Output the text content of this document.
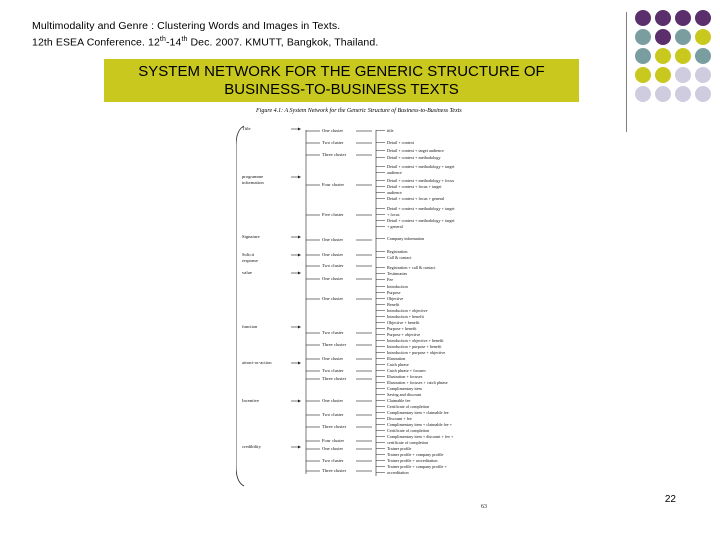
Multimodality and Genre : Clustering Words and Images in Texts.
12th ESEA Conference. 12th-14th Dec. 2007. KMUTT, Bangkok, Thailand.
SYSTEM NETWORK FOR THE GENERIC STRUCTURE OF
BUSINESS-TO-BUSINESS TEXTS
Figure 4.1: A System Network for the Generic Structure of Business-to-Business Texts
Title
programme
information
Signature
Solicit
response
value
function
attract-or-action
Incentive
credibility
One cluster
Two cluster
Three cluster
Four cluster
Five cluster
One cluster
One cluster
Two cluster
One cluster
One cluster
Two cluster
Three cluster
One cluster
Two cluster
Three cluster
One cluster
Two cluster
Three cluster
Four cluster
One cluster
Two cluster
Three cluster
title
Detail + context
Detail + context + target audience
Detail + context + methodology
Detail + context + methodology + target
audience
Detail + context + methodology + focus
Detail + context + focus + target
audience
Detail + context + focus + general
Detail + context + methodology + target
+ focus
Detail + context + methodology + target
+ general
Company information
Registration
Call & contact
Registration + call & contact
Testimonies
Fee
Introduction
Purpose
Objective
Benefit
Introduction + objective
Introduction + benefit
Objective + benefit
Purpose + benefit
Purpose + objective
Introduction + objective + benefit
Introduction + purpose + benefit
Introduction + purpose + objective
Illustration
Catch phrase
Catch phrase + focuses
Illustration + focuses
Illustration + focuses + catch phrase
Complimentary item
Saving and discount
Claimable fee
Certificate of completion
Complimentary item + claimable fee
Discount + fee
Complimentary item + claimable fee +
Certificate of completion
Complimentary item + discount + fee +
certificate of completion
Trainer profile
Trainer profile + company profile
Trainer profile + accreditation
Trainer profile + company profile +
accreditation
63
22
